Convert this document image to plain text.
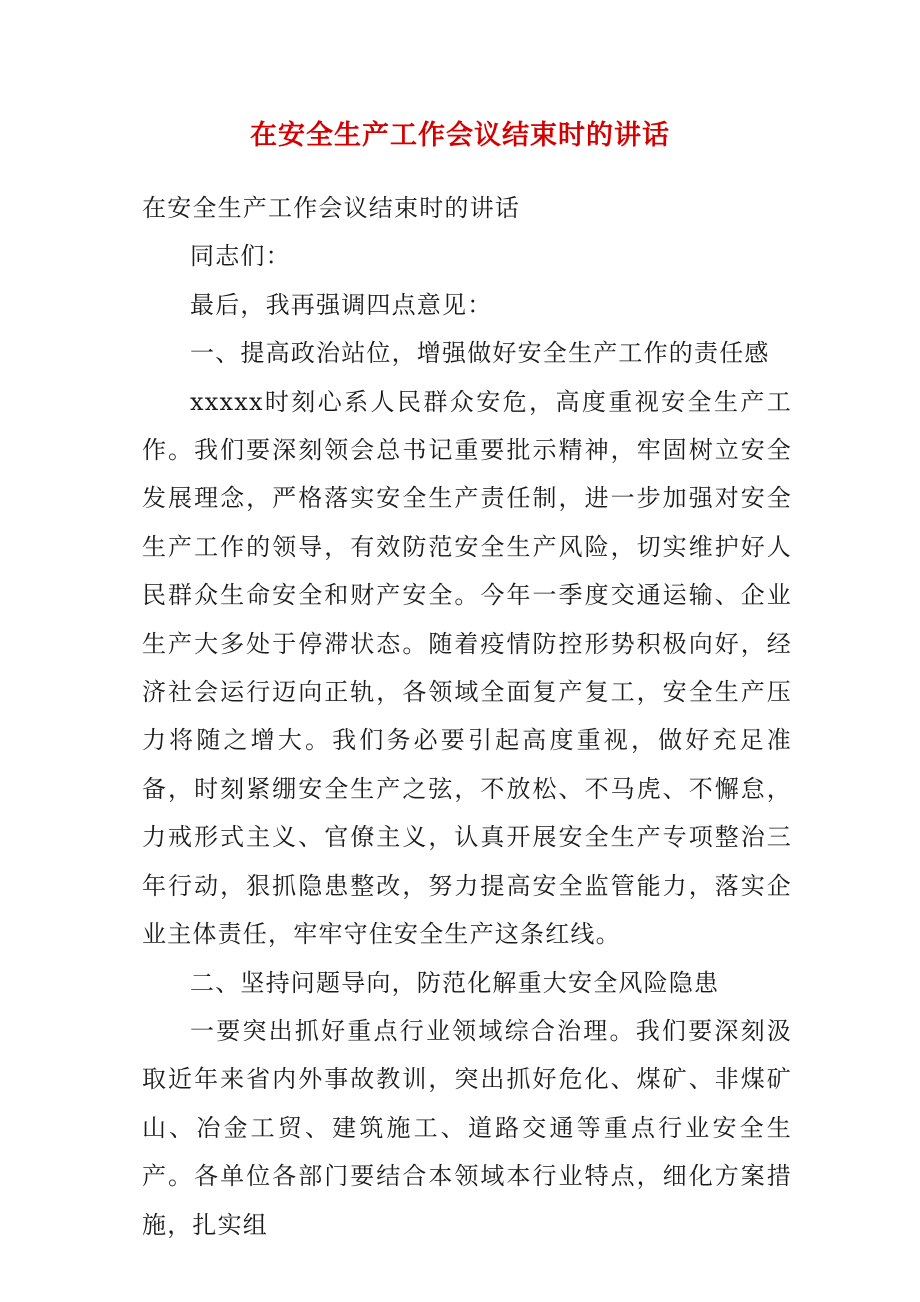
在安全生产工作会议结束时的讲话

在安全生产工作会议结束时的讲话

同志们：

最后，我再强调四点意见：

一、提高政治站位，增强做好安全生产工作的责任感

xxxxx时刻心系人民群众安危，高度重视安全生产工作。我们要深刻领会总书记重要批示精神，牢固树立安全发展理念，严格落实安全生产责任制，进一步加强对安全生产工作的领导，有效防范安全生产风险，切实维护好人民群众生命安全和财产安全。今年一季度交通运输、企业生产大多处于停滞状态。随着疫情防控形势积极向好，经济社会运行迈向正轨，各领域全面复产复工，安全生产压力将随之增大。我们务必要引起高度重视，做好充足准备，时刻紧绷安全生产之弦，不放松、不马虎、不懈怠，力戒形式主义、官僚主义，认真开展安全生产专项整治三年行动，狠抓隐患整改，努力提高安全监管能力，落实企业主体责任，牢牢守住安全生产这条红线。

二、坚持问题导向，防范化解重大安全风险隐患

一要突出抓好重点行业领域综合治理。我们要深刻汲取近年来省内外事故教训，突出抓好危化、煤矿、非煤矿山、冶金工贸、建筑施工、道路交通等重点行业安全生产。各单位各部门要结合本领域本行业特点，细化方案措施，扎实组
